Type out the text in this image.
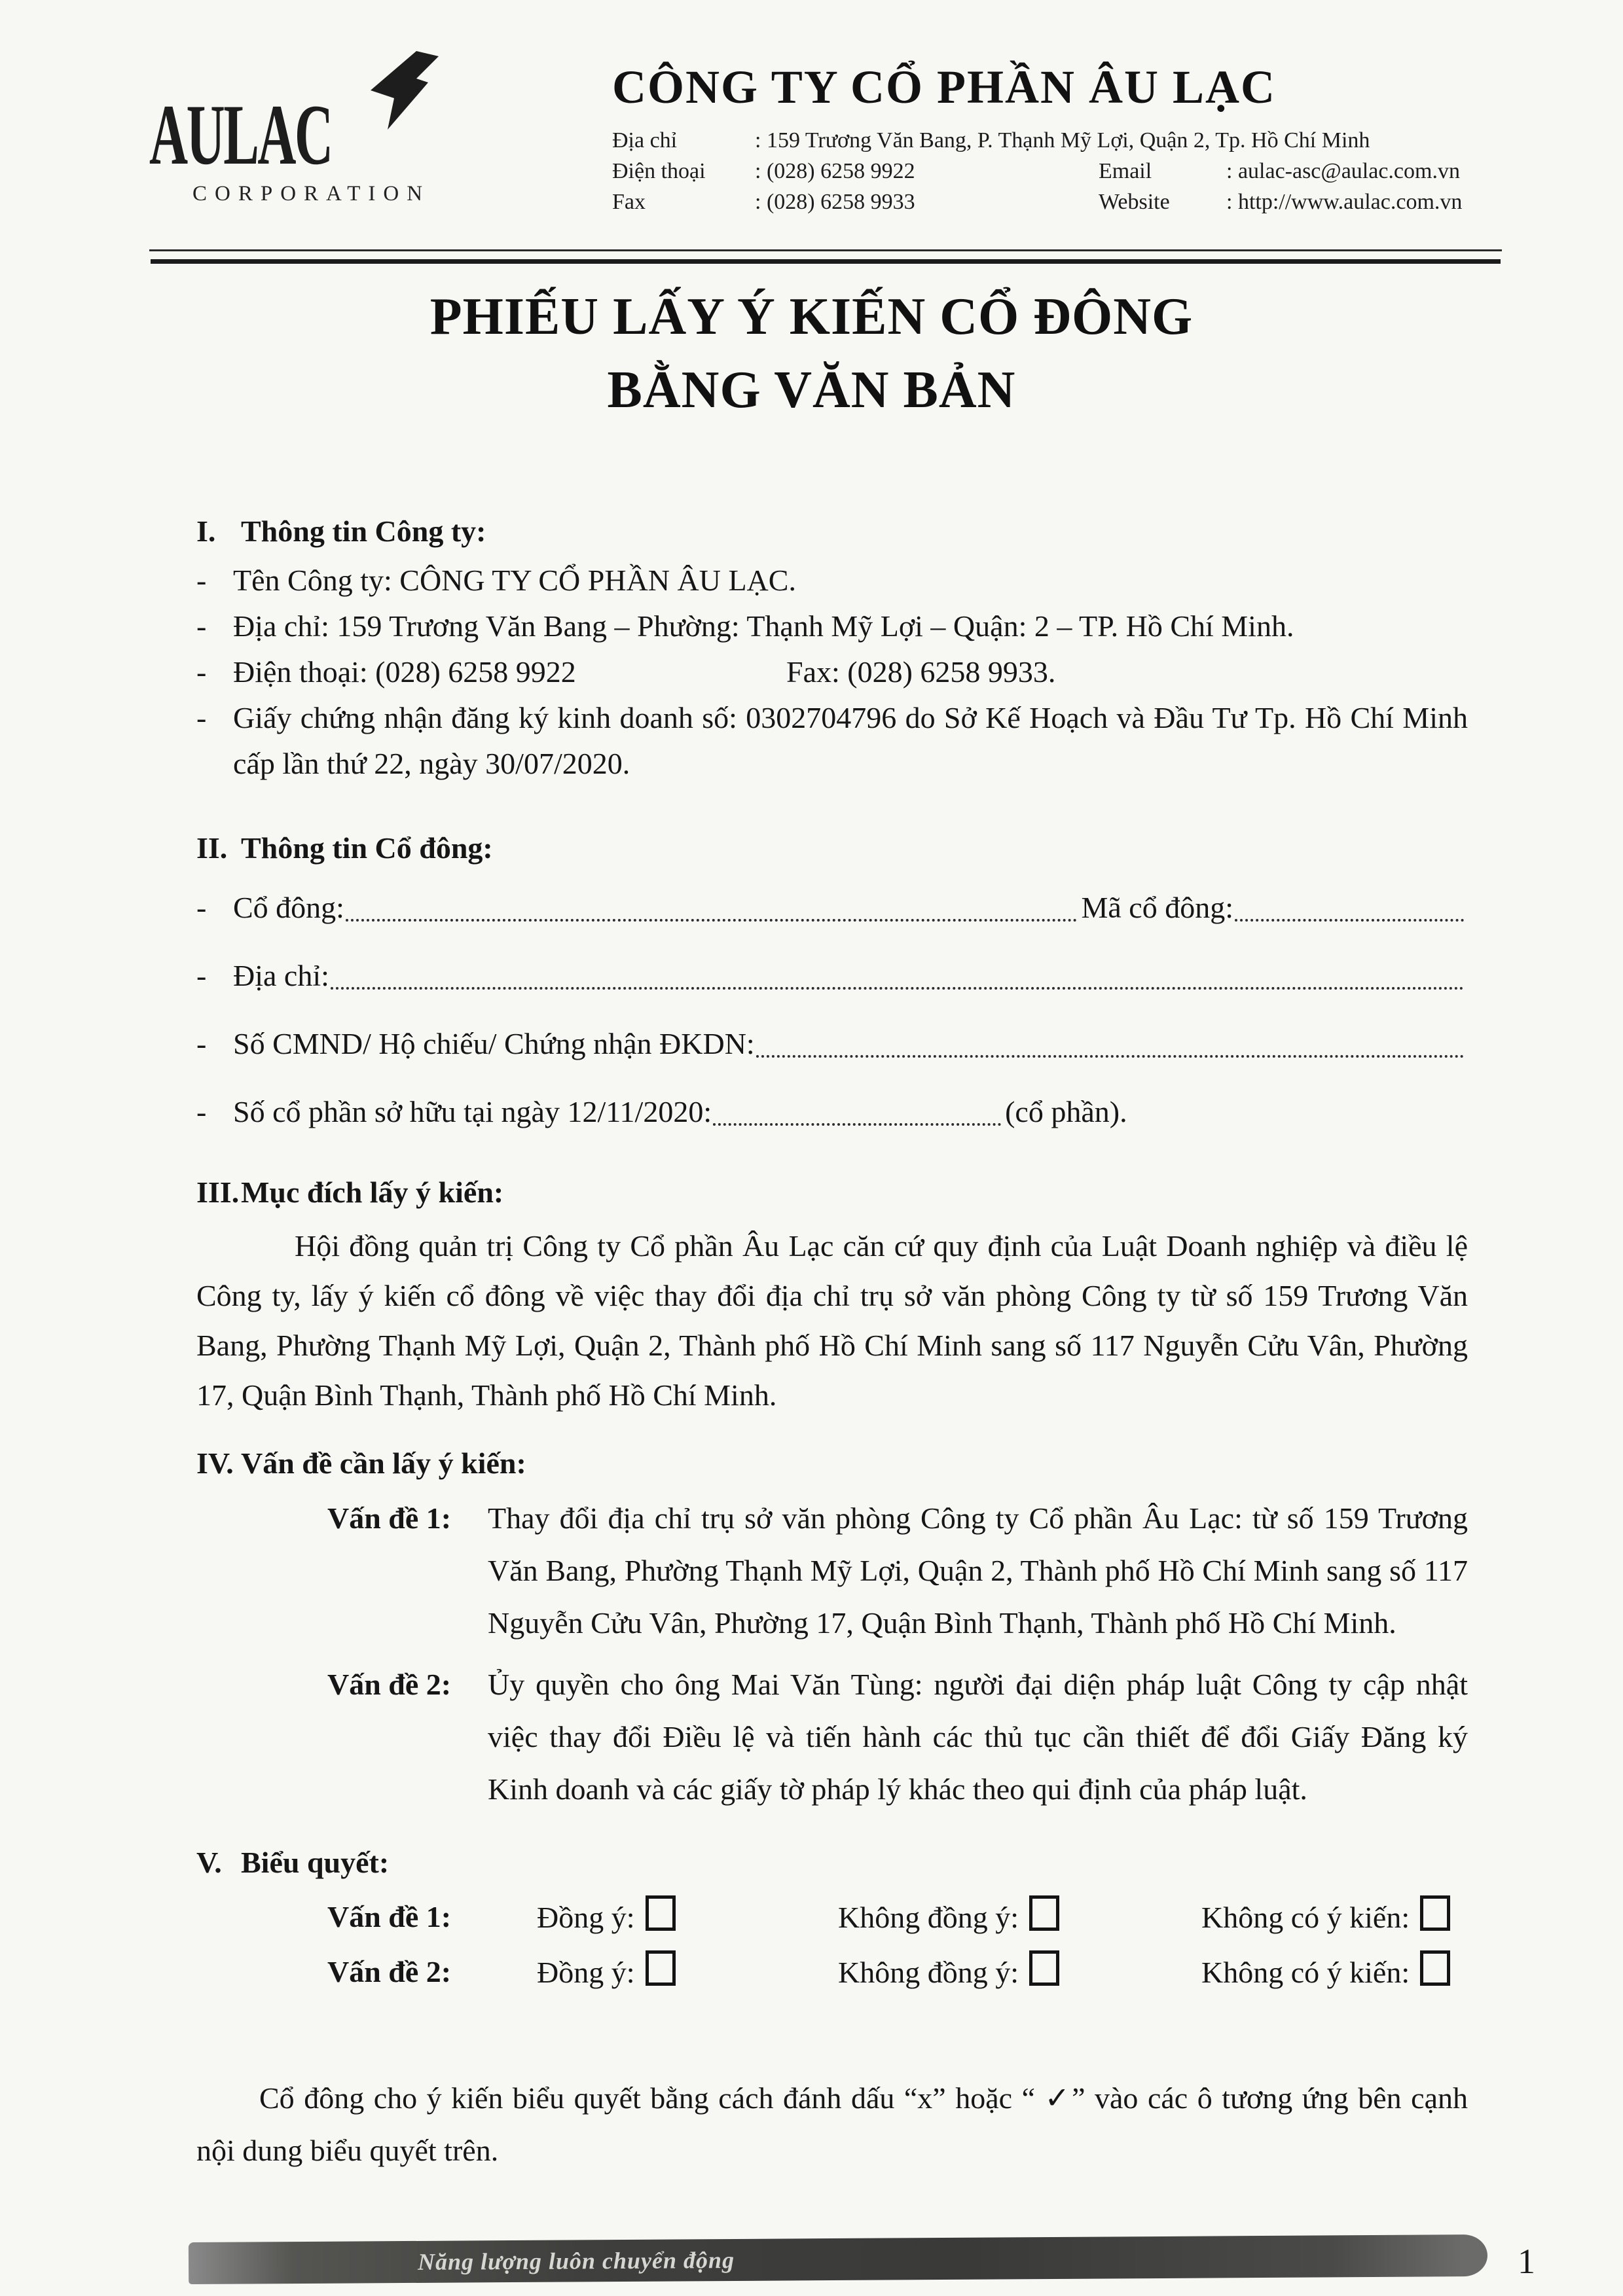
AULAC
CORPORATION
CÔNG TY CỔ PHẦN ÂU LẠC
Địa chỉ	: 159 Trương Văn Bang, P. Thạnh Mỹ Lợi, Quận 2, Tp. Hồ Chí Minh
Điện thoại	: (028) 6258 9922	Email	: aulac-asc@aulac.com.vn
Fax	: (028) 6258 9933	Website	: http://www.aulac.com.vn
PHIẾU LẤY Ý KIẾN CỔ ĐÔNG
BẰNG VĂN BẢN
I. Thông tin Công ty:
- Tên Công ty: CÔNG TY CỔ PHẦN ÂU LẠC.
- Địa chỉ: 159 Trương Văn Bang – Phường: Thạnh Mỹ Lợi – Quận: 2 – TP. Hồ Chí Minh.
- Điện thoại: (028) 6258 9922	Fax: (028) 6258 9933.
- Giấy chứng nhận đăng ký kinh doanh số: 0302704796 do Sở Kế Hoạch và Đầu Tư Tp. Hồ Chí Minh cấp lần thứ 22, ngày 30/07/2020.
II. Thông tin Cổ đông:
- Cổ đông:	Mã cổ đông:
- Địa chỉ:
- Số CMND/ Hộ chiếu/ Chứng nhận ĐKDN:
- Số cổ phần sở hữu tại ngày 12/11/2020:	(cổ phần).
III.Mục đích lấy ý kiến:
Hội đồng quản trị Công ty Cổ phần Âu Lạc căn cứ quy định của Luật Doanh nghiệp và điều lệ Công ty, lấy ý kiến cổ đông về việc thay đổi địa chỉ trụ sở văn phòng Công ty từ số 159 Trương Văn Bang, Phường Thạnh Mỹ Lợi, Quận 2, Thành phố Hồ Chí Minh sang số 117 Nguyễn Cửu Vân, Phường 17, Quận Bình Thạnh, Thành phố Hồ Chí Minh.
IV. Vấn đề cần lấy ý kiến:
Vấn đề 1: Thay đổi địa chỉ trụ sở văn phòng Công ty Cổ phần Âu Lạc: từ số 159 Trương Văn Bang, Phường Thạnh Mỹ Lợi, Quận 2, Thành phố Hồ Chí Minh sang số 117 Nguyễn Cửu Vân, Phường 17, Quận Bình Thạnh, Thành phố Hồ Chí Minh.
Vấn đề 2: Ủy quyền cho ông Mai Văn Tùng: người đại diện pháp luật Công ty cập nhật việc thay đổi Điều lệ và tiến hành các thủ tục cần thiết để đổi Giấy Đăng ký Kinh doanh và các giấy tờ pháp lý khác theo qui định của pháp luật.
V. Biểu quyết:
Vấn đề 1:	Đồng ý:	Không đồng ý:	Không có ý kiến:
Vấn đề 2:	Đồng ý:	Không đồng ý:	Không có ý kiến:
Cổ đông cho ý kiến biểu quyết bằng cách đánh dấu “x” hoặc “ ✓” vào các ô tương ứng bên cạnh nội dung biểu quyết trên.
Năng lượng luôn chuyển động	1
